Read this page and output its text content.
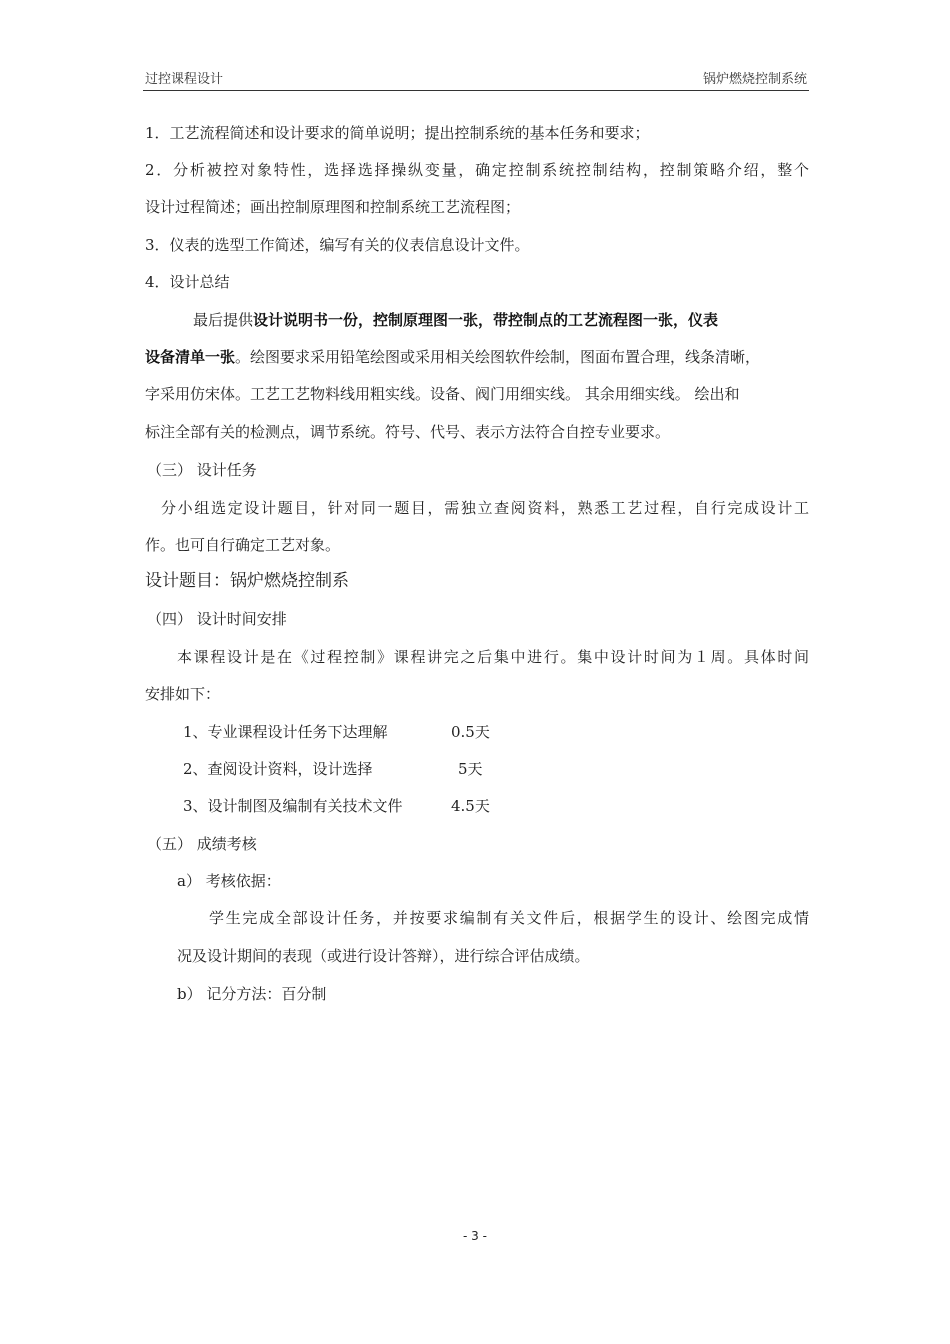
过控课程设计	锅炉燃烧控制系统
1．工艺流程简述和设计要求的简单说明；提出控制系统的基本任务和要求；
2．分析被控对象特性，选择选择操纵变量，确定控制系统控制结构，控制策略介绍，整个
设计过程简述；画出控制原理图和控制系统工艺流程图；
3．仪表的选型工作简述，编写有关的仪表信息设计文件。
4．设计总结
最后提供设计说明书一份，控制原理图一张，带控制点的工艺流程图一张，仪表
设备清单一张。绘图要求采用铅笔绘图或采用相关绘图软件绘制，图面布置合理，线条清晰，
字采用仿宋体。工艺工艺物料线用粗实线。设备、阀门用细实线。 其余用细实线。 绘出和
标注全部有关的检测点，调节系统。符号、代号、表示方法符合自控专业要求。
（三） 设计任务
分小组选定设计题目，针对同一题目，需独立查阅资料，熟悉工艺过程，自行完成设计工
作。也可自行确定工艺对象。
设计题目：锅炉燃烧控制系
（四） 设计时间安排
本课程设计是在《过程控制》课程讲完之后集中进行。集中设计时间为１周。具体时间
安排如下：
1、专业课程设计任务下达理解	0.5天
2、查阅设计资料，设计选择	5天
3、设计制图及编制有关技术文件	4.5天
（五） 成绩考核
a） 考核依据：
学生完成全部设计任务，并按要求编制有关文件后，根据学生的设计、绘图完成情
况及设计期间的表现（或进行设计答辩），进行综合评估成绩。
b） 记分方法：百分制
- 3 -
